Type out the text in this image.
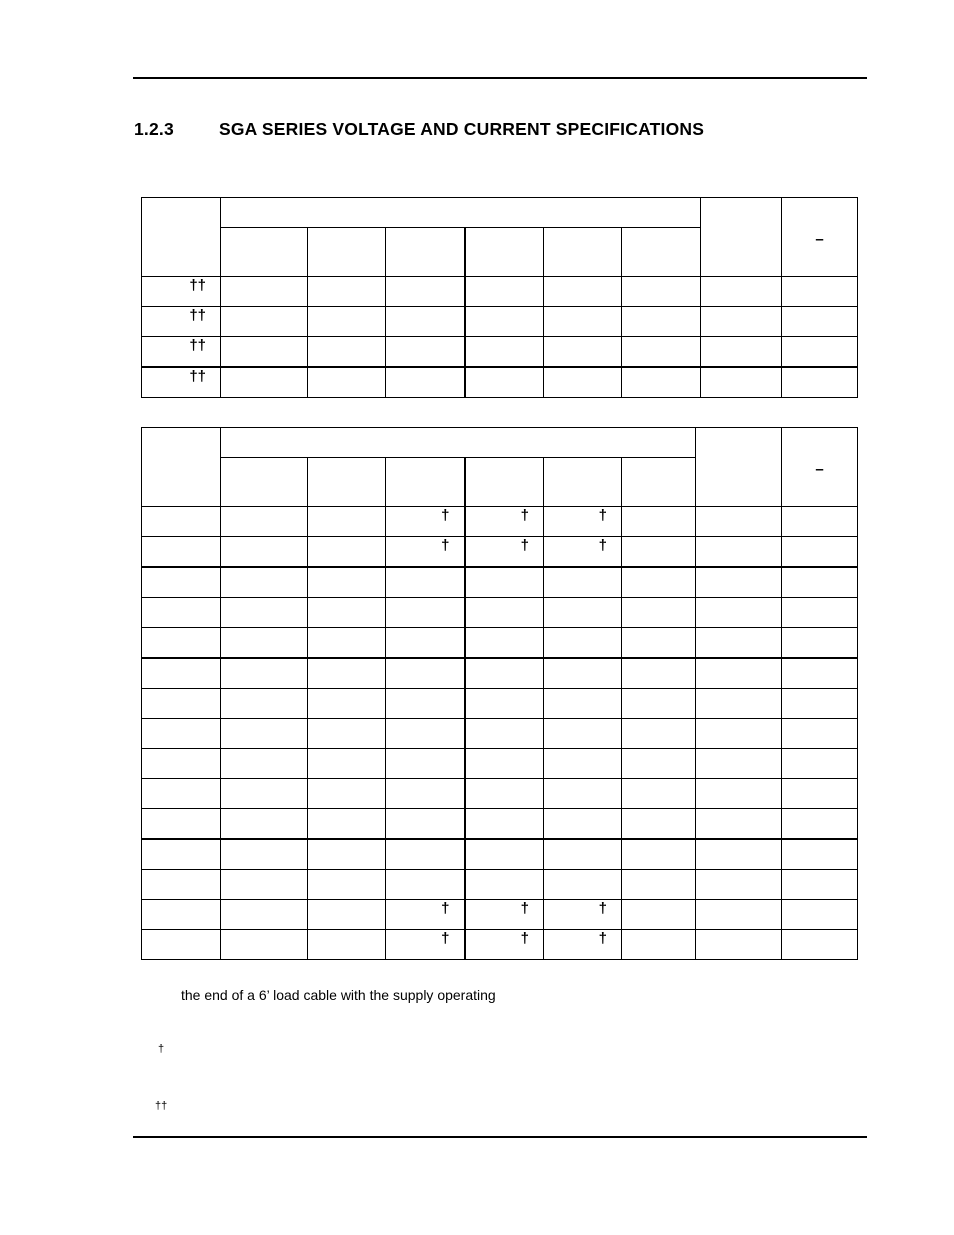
1.2.3	SGA SERIES VOLTAGE AND CURRENT SPECIFICATIONS

								–

††								
††								
††								
††								

								–

			†	†	†			
			†	†	†			

			†	†	†			
			†	†	†			
the end of a 6’ load cable with the supply operating
†
††
